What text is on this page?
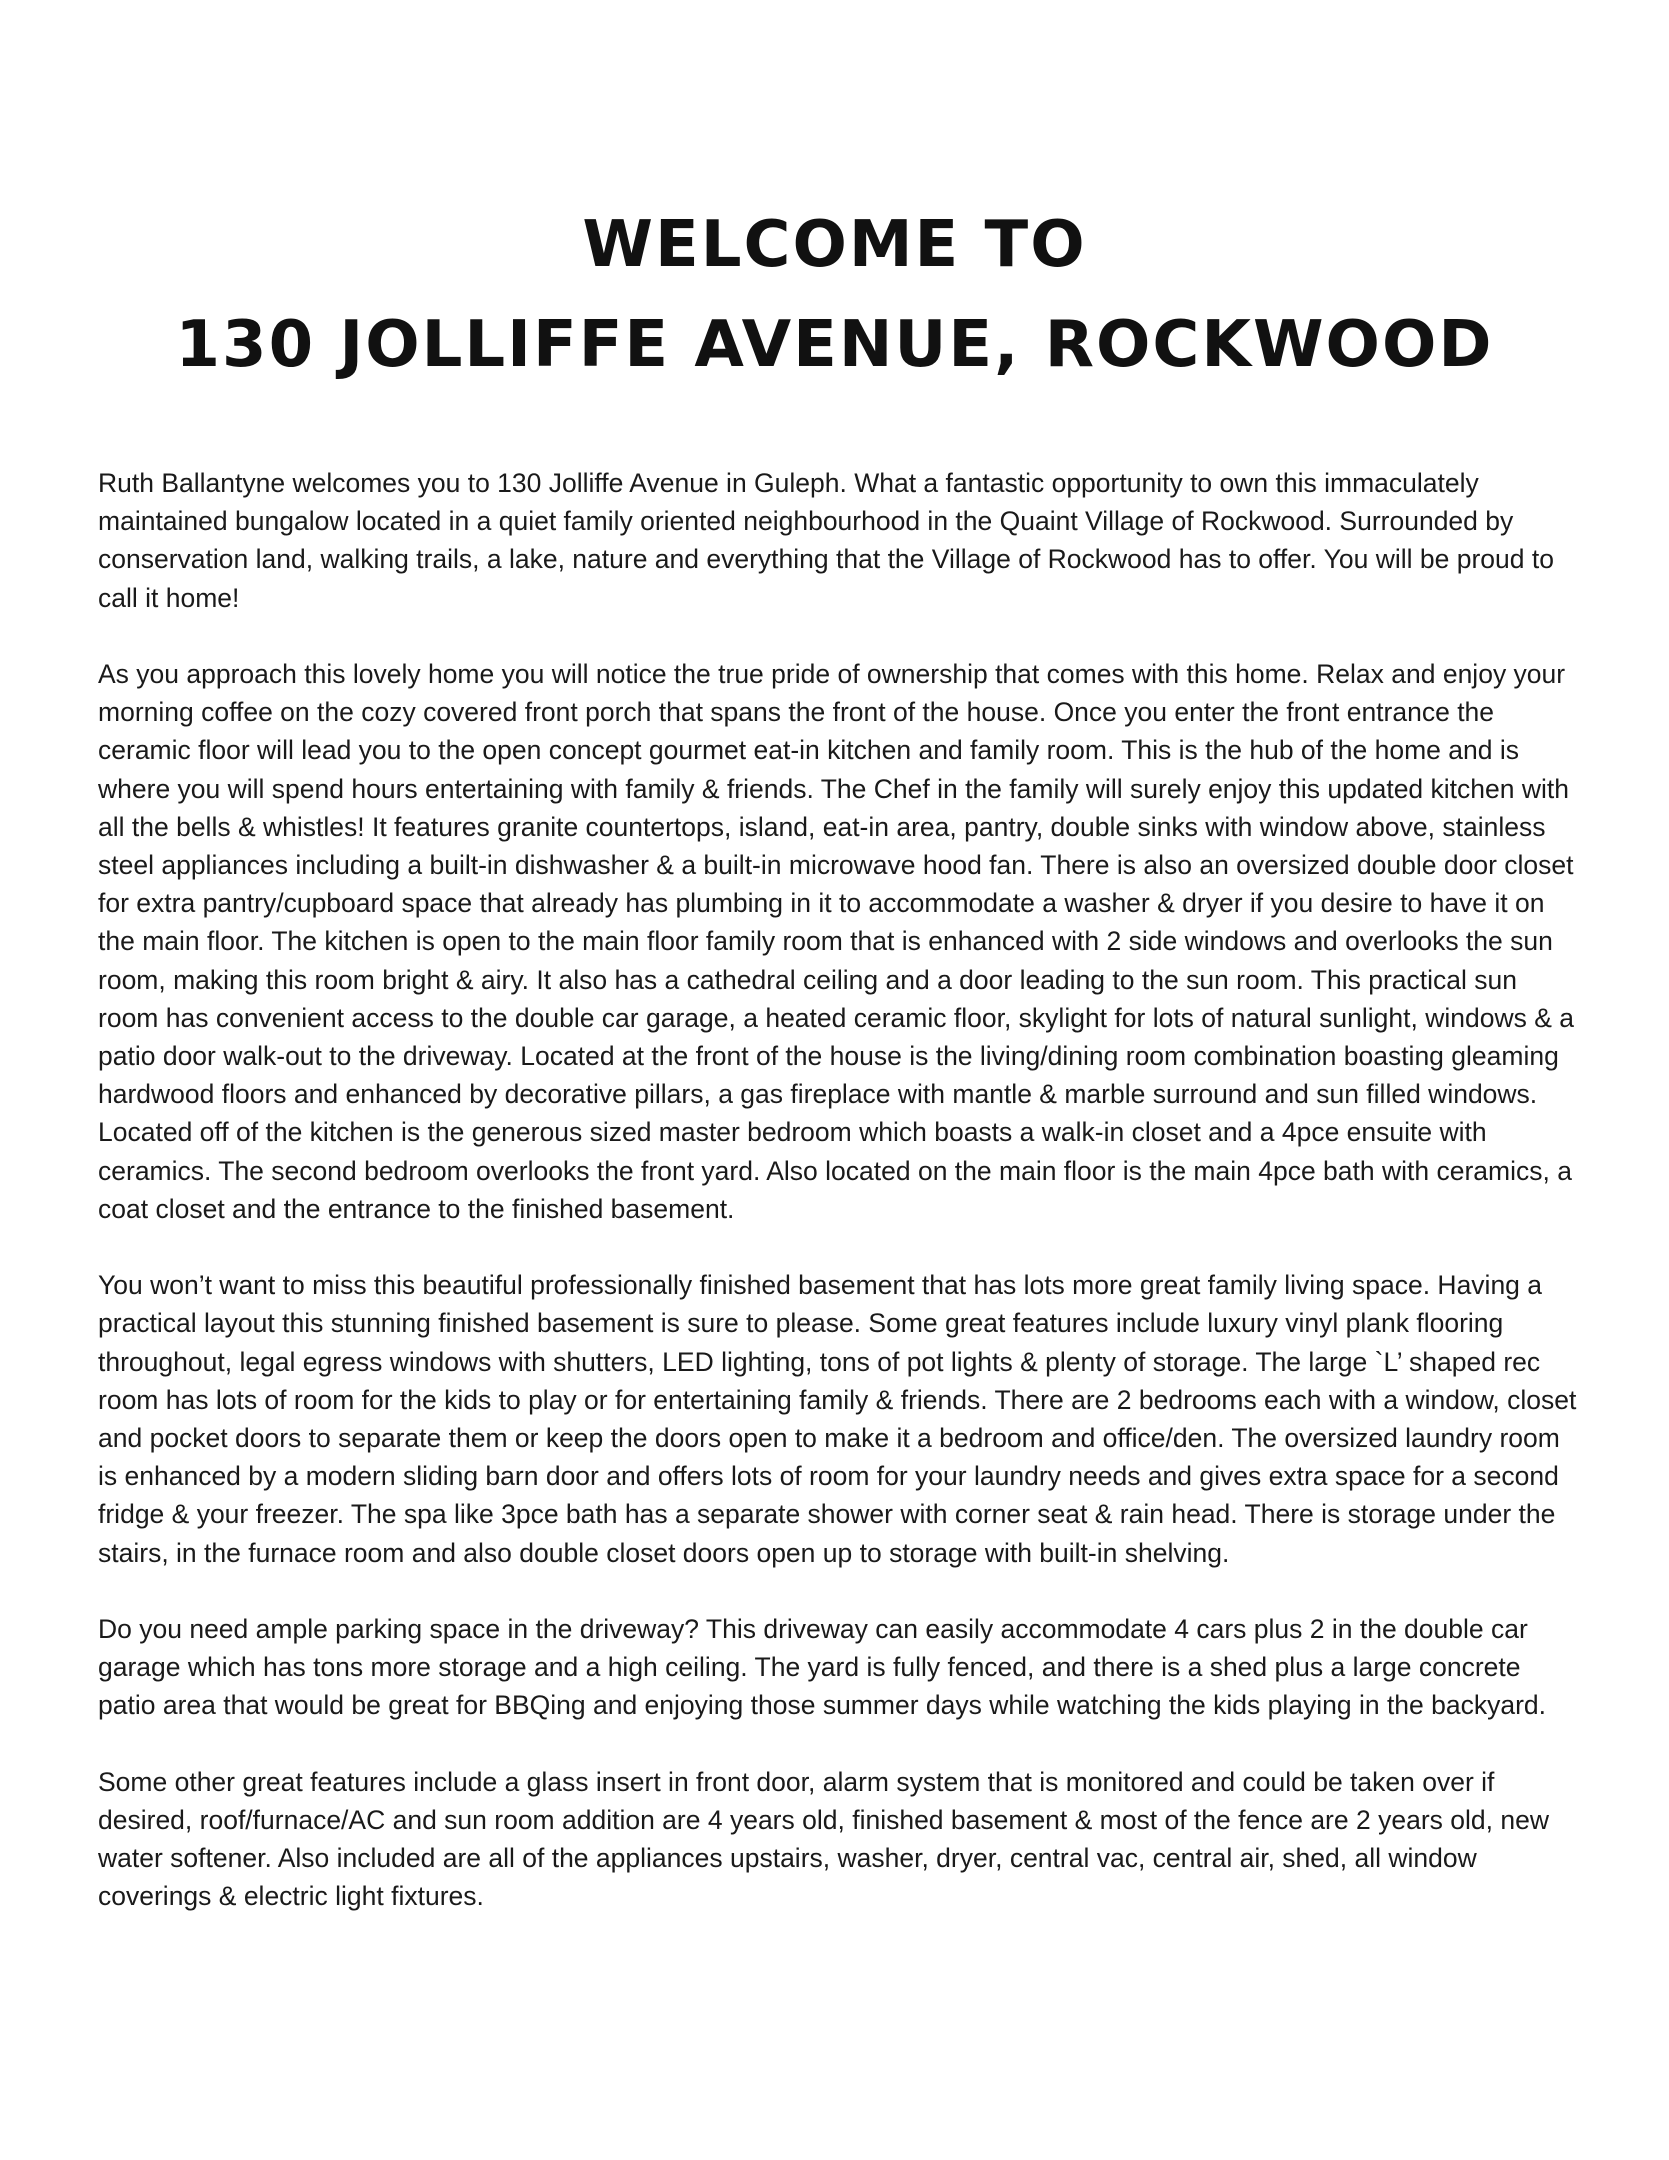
WELCOME TO
130 JOLLIFFE AVENUE, ROCKWOOD

Ruth Ballantyne welcomes you to 130 Jolliffe Avenue in Guleph. What a fantastic opportunity to own this immaculately maintained bungalow located in a quiet family oriented neighbourhood in the Quaint Village of Rockwood. Surrounded by conservation land, walking trails, a lake, nature and everything that the Village of Rockwood has to offer. You will be proud to call it home!

As you approach this lovely home you will notice the true pride of ownership that comes with this home. Relax and enjoy your morning coffee on the cozy covered front porch that spans the front of the house. Once you enter the front entrance the ceramic floor will lead you to the open concept gourmet eat-in kitchen and family room. This is the hub of the home and is where you will spend hours entertaining with family & friends. The Chef in the family will surely enjoy this updated kitchen with all the bells & whistles! It features granite countertops, island, eat-in area, pantry, double sinks with window above, stainless steel appliances including a built-in dishwasher & a built-in microwave hood fan. There is also an oversized double door closet for extra pantry/cupboard space that already has plumbing in it to accommodate a washer & dryer if you desire to have it on the main floor. The kitchen is open to the main floor family room that is enhanced with 2 side windows and overlooks the sun room, making this room bright & airy. It also has a cathedral ceiling and a door leading to the sun room. This practical sun room has convenient access to the double car garage, a heated ceramic floor, skylight for lots of natural sunlight, windows & a patio door walk-out to the driveway. Located at the front of the house is the living/dining room combination boasting gleaming hardwood floors and enhanced by decorative pillars, a gas fireplace with mantle & marble surround and sun filled windows. Located off of the kitchen is the generous sized master bedroom which boasts a walk-in closet and a 4pce ensuite with ceramics. The second bedroom overlooks the front yard. Also located on the main floor is the main 4pce bath with ceramics, a coat closet and the entrance to the finished basement.

You won’t want to miss this beautiful professionally finished basement that has lots more great family living space. Having a practical layout this stunning finished basement is sure to please. Some great features include luxury vinyl plank flooring throughout, legal egress windows with shutters, LED lighting, tons of pot lights & plenty of storage. The large `L’ shaped rec room has lots of room for the kids to play or for entertaining family & friends. There are 2 bedrooms each with a window, closet and pocket doors to separate them or keep the doors open to make it a bedroom and office/den. The oversized laundry room is enhanced by a modern sliding barn door and offers lots of room for your laundry needs and gives extra space for a second fridge & your freezer. The spa like 3pce bath has a separate shower with corner seat & rain head. There is storage under the stairs, in the furnace room and also double closet doors open up to storage with built-in shelving.

Do you need ample parking space in the driveway? This driveway can easily accommodate 4 cars plus 2 in the double car garage which has tons more storage and a high ceiling. The yard is fully fenced, and there is a shed plus a large concrete patio area that would be great for BBQing and enjoying those summer days while watching the kids playing in the backyard.

Some other great features include a glass insert in front door, alarm system that is monitored and could be taken over if desired, roof/furnace/AC and sun room addition are 4 years old, finished basement & most of the fence are 2 years old, new water softener. Also included are all of the appliances upstairs, washer, dryer, central vac, central air, shed, all window coverings & electric light fixtures.
